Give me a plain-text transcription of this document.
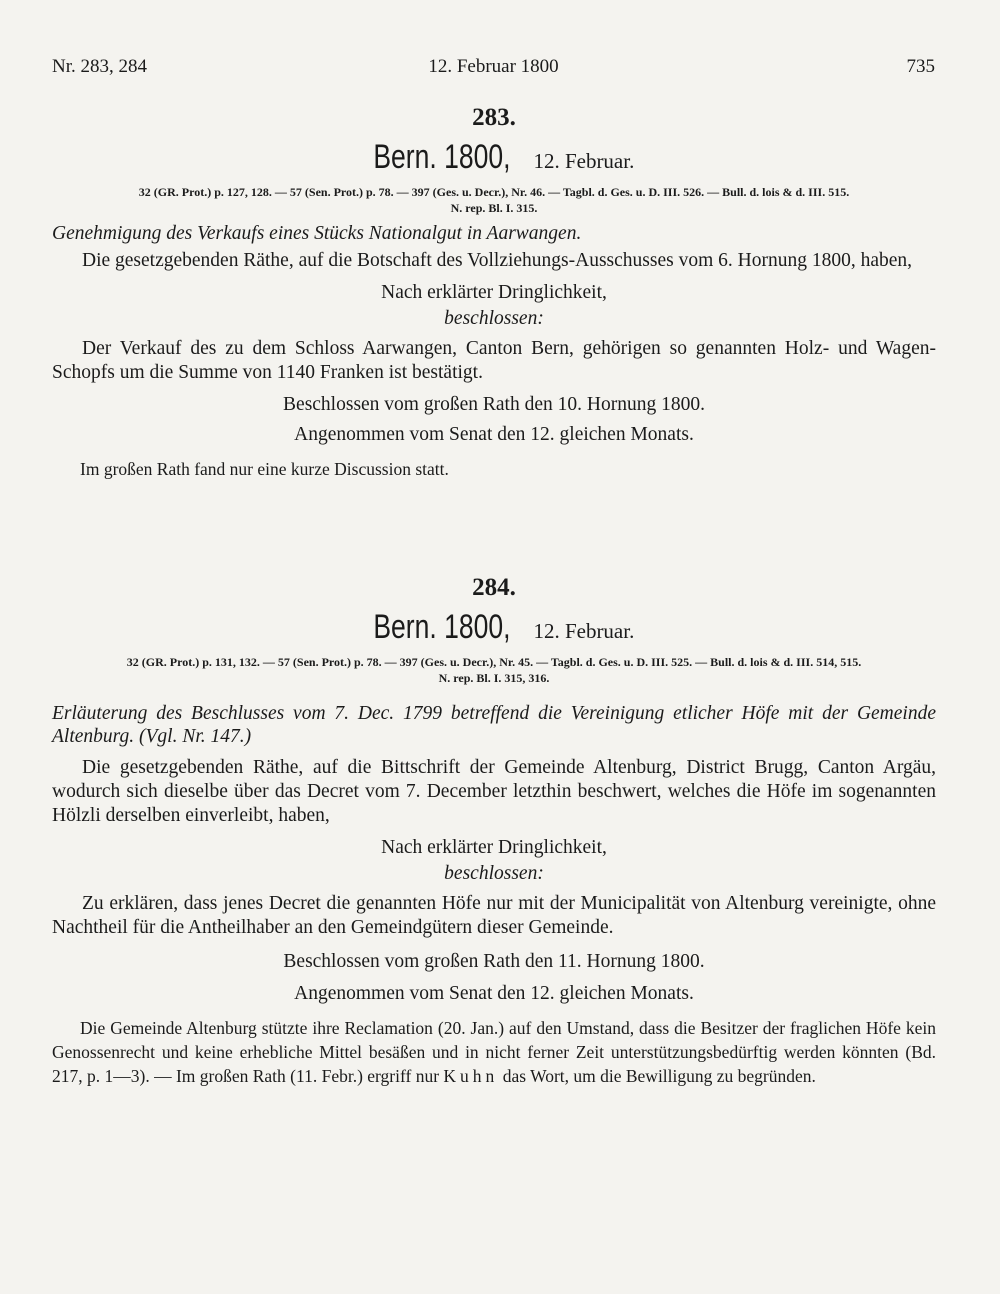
Nr. 283, 284	12. Februar 1800	735

283.

Bern. 1800, 12. Februar.

32 (GR. Prot.) p. 127, 128. — 57 (Sen. Prot.) p. 78. — 397 (Ges. u. Decr.), Nr. 46. — Tagbl. d. Ges. u. D. III. 526. — Bull. d. lois & d. III. 515.
N. rep. Bl. I. 315.

Genehmigung des Verkaufs eines Stücks Nationalgut in Aarwangen.

Die gesetzgebenden Räthe, auf die Botschaft des Vollziehungs-Ausschusses vom 6. Hornung 1800, haben,

Nach erklärter Dringlichkeit,

beschlossen:

Der Verkauf des zu dem Schloss Aarwangen, Canton Bern, gehörigen so genannten Holz- und Wagen-Schopfs um die Summe von 1140 Franken ist bestätigt.

Beschlossen vom großen Rath den 10. Hornung 1800.

Angenommen vom Senat den 12. gleichen Monats.

Im großen Rath fand nur eine kurze Discussion statt.

284.

Bern. 1800, 12. Februar.

32 (GR. Prot.) p. 131, 132. — 57 (Sen. Prot.) p. 78. — 397 (Ges. u. Decr.), Nr. 45. — Tagbl. d. Ges. u. D. III. 525. — Bull. d. lois & d. III. 514, 515.
N. rep. Bl. I. 315, 316.

Erläuterung des Beschlusses vom 7. Dec. 1799 betreffend die Vereinigung etlicher Höfe mit der Gemeinde Altenburg. (Vgl. Nr. 147.)

Die gesetzgebenden Räthe, auf die Bittschrift der Gemeinde Altenburg, District Brugg, Canton Argäu, wodurch sich dieselbe über das Decret vom 7. December letzthin beschwert, welches die Höfe im sogenannten Hölzli derselben einverleibt, haben,

Nach erklärter Dringlichkeit,

beschlossen:

Zu erklären, dass jenes Decret die genannten Höfe nur mit der Municipalität von Altenburg vereinigte, ohne Nachtheil für die Antheilhaber an den Gemeindgütern dieser Gemeinde.

Beschlossen vom großen Rath den 11. Hornung 1800.

Angenommen vom Senat den 12. gleichen Monats.

Die Gemeinde Altenburg stützte ihre Reclamation (20. Jan.) auf den Umstand, dass die Besitzer der fraglichen Höfe kein Genossenrecht und keine erhebliche Mittel besäßen und in nicht ferner Zeit unterstützungsbedürftig werden könnten (Bd. 217, p. 1—3). — Im großen Rath (11. Febr.) ergriff nur Kuhn das Wort, um die Bewilligung zu begründen.
